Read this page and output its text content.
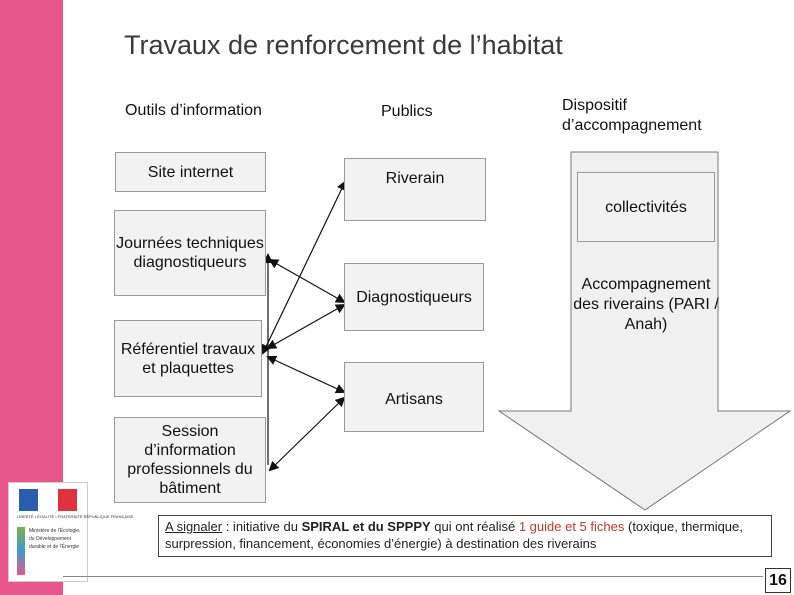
Travaux de renforcement de l’habitat
Outils d’information	Publics	Dispositif d’accompagnement
Site internet
Journées techniques diagnostiqueurs
Référentiel travaux et plaquettes
Session d’information professionnels du bâtiment
Riverain
Diagnostiqueurs
Artisans
collectivités
Accompagnement des riverains (PARI / Anah)
LIBERTÉ • ÉGALITÉ • FRATERNITÉ RÉPUBLIQUE FRANÇAISE
Ministère de l’Écologie, du Développement durable et de l’Énergie
A signaler : initiative du SPIRAL et du SPPPY qui ont réalisé 1 guide et 5 fiches (toxique, thermique, surpression, financement, économies d’énergie) à destination des riverains
16
